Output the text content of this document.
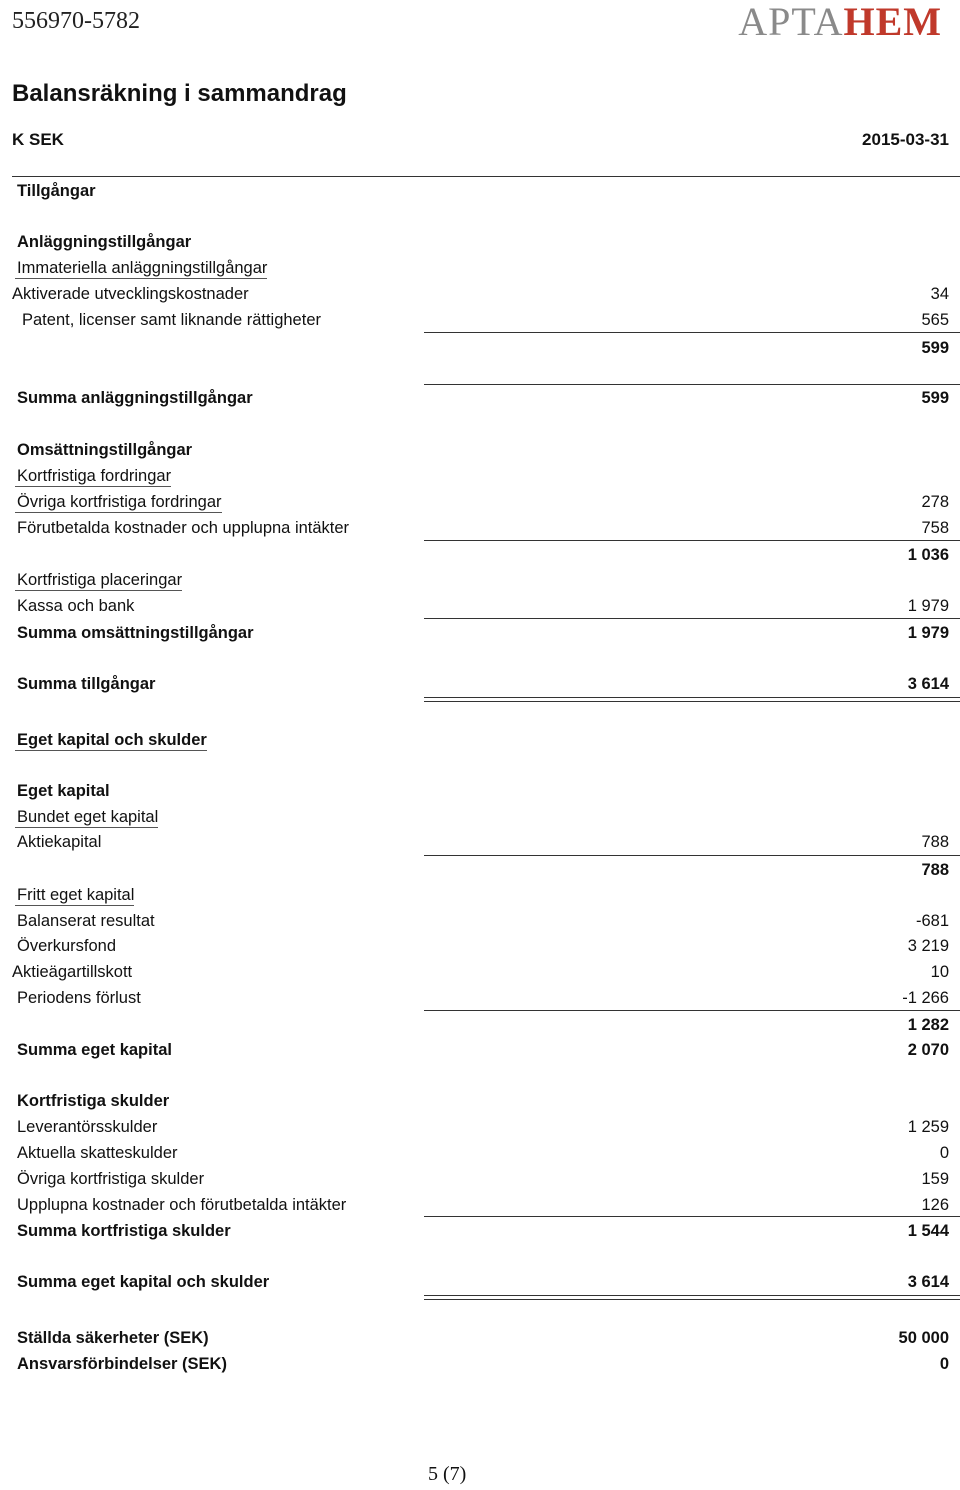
556970-5782	APTAHEM
Balansräkning i sammandrag
K SEK	2015-03-31
Tillgångar
Anläggningstillgångar
Immateriella anläggningstillgångar
Aktiverade utvecklingskostnader	34
Patent, licenser samt liknande rättigheter	565
599
Summa anläggningstillgångar	599
Omsättningstillgångar
Kortfristiga fordringar
Övriga kortfristiga fordringar	278
Förutbetalda kostnader och upplupna intäkter	758
1 036
Kortfristiga placeringar
Kassa och bank	1 979
Summa omsättningstillgångar	1 979
Summa tillgångar	3 614
Eget kapital och skulder
Eget kapital
Bundet eget kapital
Aktiekapital	788
788
Fritt eget kapital
Balanserat resultat	-681
Överkursfond	3 219
Aktieägartillskott	10
Periodens förlust	-1 266
1 282
Summa eget kapital	2 070
Kortfristiga skulder
Leverantörsskulder	1 259
Aktuella skatteskulder	0
Övriga kortfristiga skulder	159
Upplupna kostnader och förutbetalda intäkter	126
Summa kortfristiga skulder	1 544
Summa eget kapital och skulder	3 614
Ställda säkerheter (SEK)	50 000
Ansvarsförbindelser (SEK)	0
5 (7)
